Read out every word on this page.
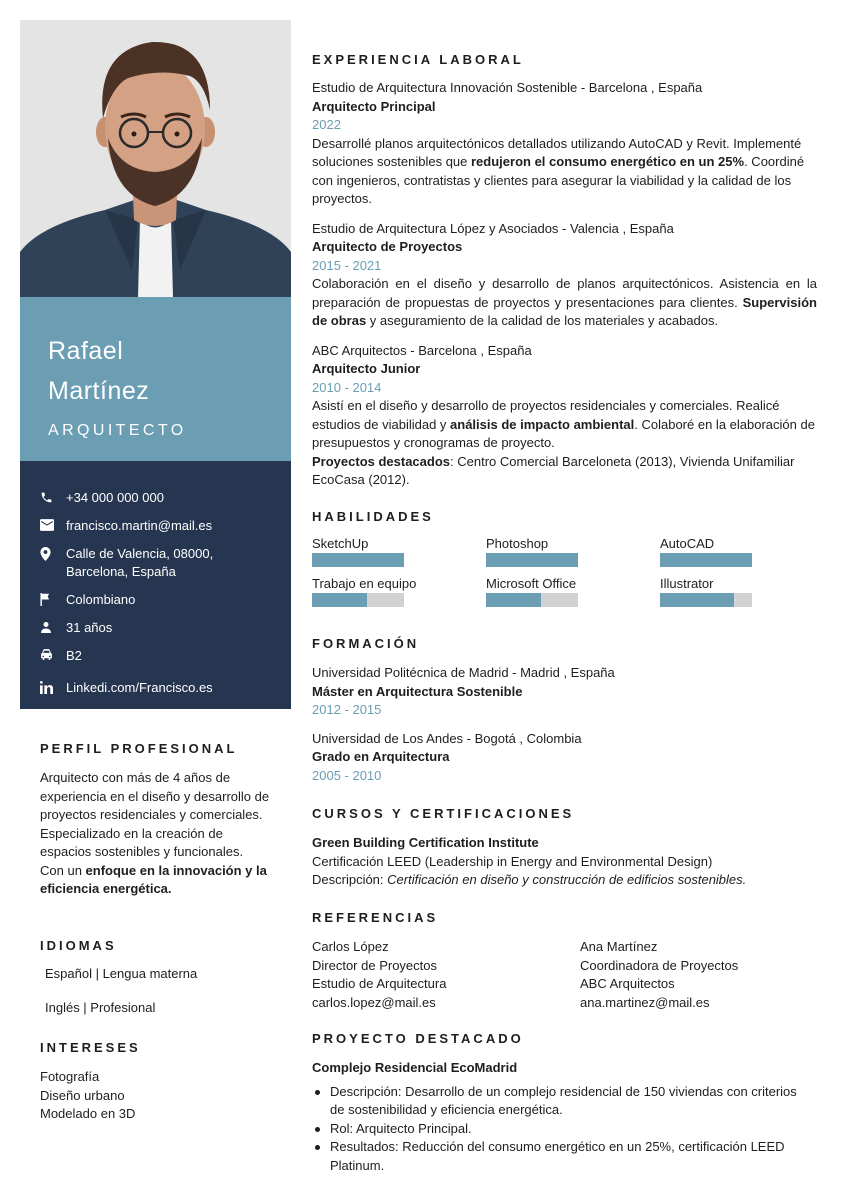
Rafael
Martínez
ARQUITECTO
+34 000 000 000
francisco.martin@mail.es
Calle de Valencia, 08000,
Barcelona, España
Colombiano
31 años
B2
Linkedi.com/Francisco.es
PERFIL PROFESIONAL
Arquitecto con más de 4 años de experiencia en el diseño y desarrollo de proyectos residenciales y comerciales. Especializado en la creación de espacios sostenibles y funcionales. Con un enfoque en la innovación y la eficiencia energética.
IDIOMAS
Español | Lengua materna
Inglés | Profesional
INTERESES
Fotografía
Diseño urbano
Modelado en 3D
EXPERIENCIA LABORAL
Estudio de Arquitectura Innovación Sostenible - Barcelona , España
Arquitecto Principal
2022
Desarrollé planos arquitectónicos detallados utilizando AutoCAD y Revit. Implementé soluciones sostenibles que redujeron el consumo energético en un 25%. Coordiné con ingenieros, contratistas y clientes para asegurar la viabilidad y la calidad de los proyectos.
Estudio de Arquitectura López y Asociados - Valencia , España
Arquitecto de Proyectos
2015 - 2021
Colaboración en el diseño y desarrollo de planos arquitectónicos. Asistencia en la preparación de propuestas de proyectos y presentaciones para clientes. Supervisión de obras y aseguramiento de la calidad de los materiales y acabados.
ABC Arquitectos - Barcelona , España
Arquitecto Junior
2010 - 2014
Asistí en el diseño y desarrollo de proyectos residenciales y comerciales. Realicé estudios de viabilidad y análisis de impacto ambiental. Colaboré en la elaboración de presupuestos y cronogramas de proyecto.
Proyectos destacados: Centro Comercial Barceloneta (2013), Vivienda Unifamiliar EcoCasa (2012).
HABILIDADES
SketchUp	Photoshop	AutoCAD
Trabajo en equipo	Microsoft Office	Illustrator
FORMACIÓN
Universidad Politécnica de Madrid - Madrid , España
Máster en Arquitectura Sostenible
2012 - 2015
Universidad de Los Andes - Bogotá , Colombia
Grado en Arquitectura
2005 - 2010
CURSOS Y CERTIFICACIONES
Green Building Certification Institute
Certificación LEED (Leadership in Energy and Environmental Design)
Descripción: Certificación en diseño y construcción de edificios sostenibles.
REFERENCIAS
Carlos López
Director de Proyectos
Estudio de Arquitectura
carlos.lopez@mail.es
Ana Martínez
Coordinadora de Proyectos
ABC Arquitectos
ana.martinez@mail.es
PROYECTO DESTACADO
Complejo Residencial EcoMadrid
Descripción: Desarrollo de un complejo residencial de 150 viviendas con criterios de sostenibilidad y eficiencia energética.
Rol: Arquitecto Principal.
Resultados: Reducción del consumo energético en un 25%, certificación LEED Platinum.
